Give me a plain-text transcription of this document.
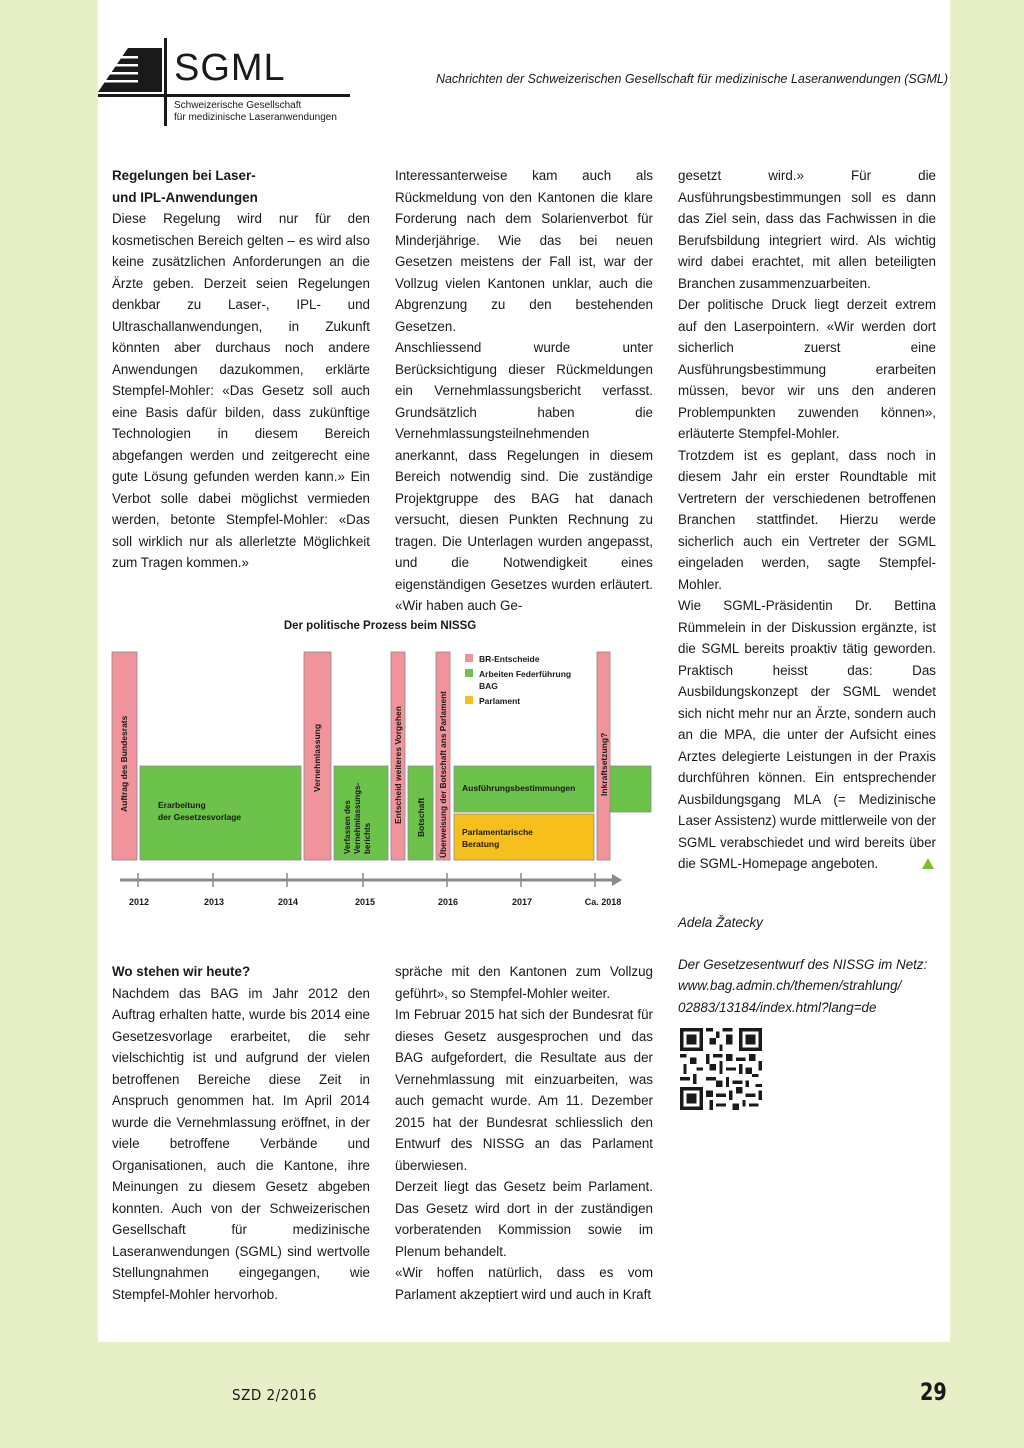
SGML
Schweizerische Gesellschaft
für medizinische Laseranwendungen
Nachrichten der Schweizerischen Gesellschaft für medizinische Laseranwendungen (SGML)

Regelungen bei Laser-

und IPL-Anwendungen

Diese Regelung wird nur für den kosmetischen Bereich gelten – es wird also keine zusätzlichen Anforderungen an die Ärzte geben. Derzeit seien Regelungen denkbar zu Laser-, IPL- und Ultraschallanwendungen, in Zukunft könnten aber durchaus noch andere Anwendungen dazukommen, erklärte Stempfel-Mohler: «Das Gesetz soll auch eine Basis dafür bilden, dass zukünftige Technologien in diesem Bereich abgefangen werden und zeitgerecht eine gute Lösung gefunden werden kann.» Ein Verbot solle dabei möglichst vermieden werden, betonte Stempfel-Mohler: «Das soll wirklich nur als allerletzte Möglichkeit zum Tragen kommen.»

Interessanterweise kam auch als Rückmeldung von den Kantonen die klare Forderung nach dem Solarienverbot für Minderjährige. Wie das bei neuen Gesetzen meistens der Fall ist, war der Vollzug vielen Kantonen unklar, auch die Abgrenzung zu den bestehenden Gesetzen.

Anschliessend wurde unter Berücksichtigung dieser Rückmeldungen ein Vernehmlassungsbericht verfasst. Grundsätzlich haben die Vernehmlassungsteilnehmenden anerkannt, dass Regelungen in diesem Bereich notwendig sind. Die zuständige Projektgruppe des BAG hat danach versucht, diesen Punkten Rechnung zu tragen. Die Unterlagen wurden angepasst, und die Notwendigkeit eines eigenständigen Gesetzes wurden erläutert. «Wir haben auch Ge-

gesetzt wird.» Für die Ausführungsbestimmungen soll es dann das Ziel sein, dass das Fachwissen in die Berufsbildung integriert wird. Als wichtig wird dabei erachtet, mit allen beteiligten Branchen zusammenzuarbeiten.

Der politische Druck liegt derzeit extrem auf den Laserpointern. «Wir werden dort sicherlich zuerst eine Ausführungsbestimmung erarbeiten müssen, bevor wir uns den anderen Problempunkten zuwenden können», erläuterte Stempfel-Mohler.

Trotzdem ist es geplant, dass noch in diesem Jahr ein erster Roundtable mit Vertretern der verschiedenen betroffenen Branchen stattfindet. Hierzu werde sicherlich auch ein Vertreter der SGML eingeladen werden, sagte Stempfel-Mohler.

Wie SGML-Präsidentin Dr. Bettina Rümmelein in der Diskussion ergänzte, ist die SGML bereits proaktiv tätig geworden. Praktisch heisst das: Das Ausbildungskonzept der SGML wendet sich nicht mehr nur an Ärzte, sondern auch an die MPA, die unter der Aufsicht eines Arztes delegierte Leistungen in der Praxis durchführen können. Ein entsprechender Ausbildungsgang MLA (= Medizinische Laser Assistenz) wurde mittlerweile von der SGML verabschiedet und wird bereits über die SGML-Homepage angeboten.

Der politische Prozess beim NISSG
BR-Entscheide
Arbeiten Federführung BAG
Parlament
Auftrag des Bundesrats	Erarbeitung der Gesetzesvorlage
Vernehmlassung
Verfassen des Vernehmlassungs- berichts
Entscheid weiteres Vorgehen Botschaft Überweisung der Botschaft ans Parlament Ausführungsbestimmungen
Parlamentarische Beratung
Inkraftsetzung?
2012	2013	2014	2015	2016	2017	Ca. 2018

Adela Žatecky

Der Gesetzesentwurf des NISSG im Netz:

www.bag.admin.ch/themen/strahlung/

02883/13184/index.html?lang=de

Wo stehen wir heute?

Nachdem das BAG im Jahr 2012 den Auftrag erhalten hatte, wurde bis 2014 eine Gesetzesvorlage erarbeitet, die sehr vielschichtig ist und aufgrund der vielen betroffenen Bereiche diese Zeit in Anspruch genommen hat. Im April 2014 wurde die Vernehmlassung eröffnet, in der viele betroffene Verbände und Organisationen, auch die Kantone, ihre Meinungen zu diesem Gesetz abgeben konnten. Auch von der Schweizerischen Gesellschaft für medizinische Laseranwendungen (SGML) sind wertvolle Stellungnahmen eingegangen, wie Stempfel-Mohler hervorhob.

spräche mit den Kantonen zum Vollzug geführt», so Stempfel-Mohler weiter.

Im Februar 2015 hat sich der Bundesrat für dieses Gesetz ausgesprochen und das BAG aufgefordert, die Resultate aus der Vernehmlassung mit einzuarbeiten, was auch gemacht wurde. Am 11. Dezember 2015 hat der Bundesrat schliesslich den Entwurf des NISSG an das Parlament überwiesen.

Derzeit liegt das Gesetz beim Parlament. Das Gesetz wird dort in der zuständigen vorberatenden Kommission sowie im Plenum behandelt.

«Wir hoffen natürlich, dass es vom Parlament akzeptiert wird und auch in Kraft

SZD 2/2016	29
